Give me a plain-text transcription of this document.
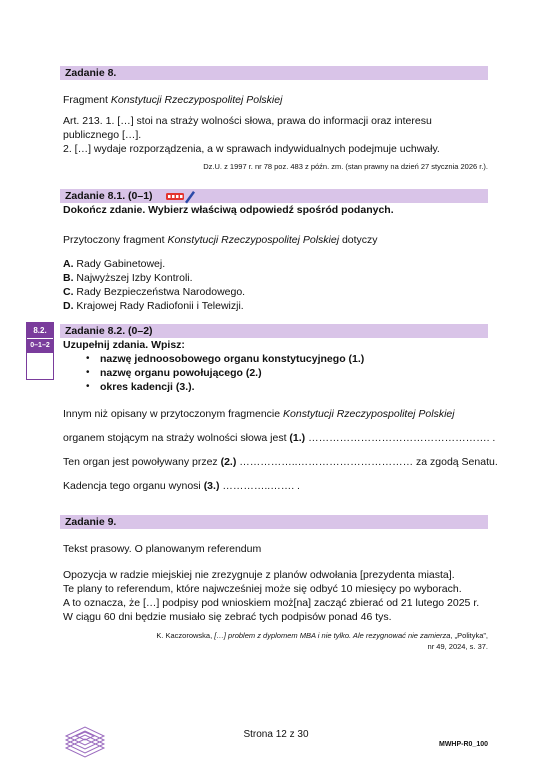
Zadanie 8.
Fragment Konstytucji Rzeczypospolitej Polskiej
Art. 213. 1. […] stoi na straży wolności słowa, prawa do informacji oraz interesu
publicznego […].
2. […] wydaje rozporządzenia, a w sprawach indywidualnych podejmuje uchwały.
Dz.U. z 1997 r. nr 78 poz. 483 z późn. zm. (stan prawny na dzień 27 stycznia 2026 r.).
Zadanie 8.1. (0–1)
Dokończ zdanie. Wybierz właściwą odpowiedź spośród podanych.
Przytoczony fragment Konstytucji Rzeczypospolitej Polskiej dotyczy
A. Rady Gabinetowej.
B. Najwyższej Izby Kontroli.
C. Rady Bezpieczeństwa Narodowego.
D. Krajowej Rady Radiofonii i Telewizji.
8.2.
0–1–2
Zadanie 8.2. (0–2)
Uzupełnij zdania. Wpisz:
• nazwę jednoosobowego organu konstytucyjnego (1.)
• nazwę organu powołującego (2.)
• okres kadencji (3.).
Innym niż opisany w przytoczonym fragmencie Konstytucji Rzeczypospolitej Polskiej
organem stojącym na straży wolności słowa jest (1.) ……………………………………………. .
Ten organ jest powoływany przez (2.) ……………..…………………………… za zgodą Senatu.
Kadencja tego organu wynosi (3.) …………..……. .
Zadanie 9.
Tekst prasowy. O planowanym referendum
Opozycja w radzie miejskiej nie zrezygnuje z planów odwołania [prezydenta miasta].
Te plany to referendum, które najwcześniej może się odbyć 10 miesięcy po wyborach.
A to oznacza, że […] podpisy pod wnioskiem moż[na] zacząć zbierać od 21 lutego 2025 r.
W ciągu 60 dni będzie musiało się zebrać tych podpisów ponad 46 tys.
K. Kaczorowska, […] problem z dyplomem MBA i nie tylko. Ale rezygnować nie zamierza, „Polityka”,
nr 49, 2024, s. 37.
Strona 12 z 30
MWHP-R0_100
